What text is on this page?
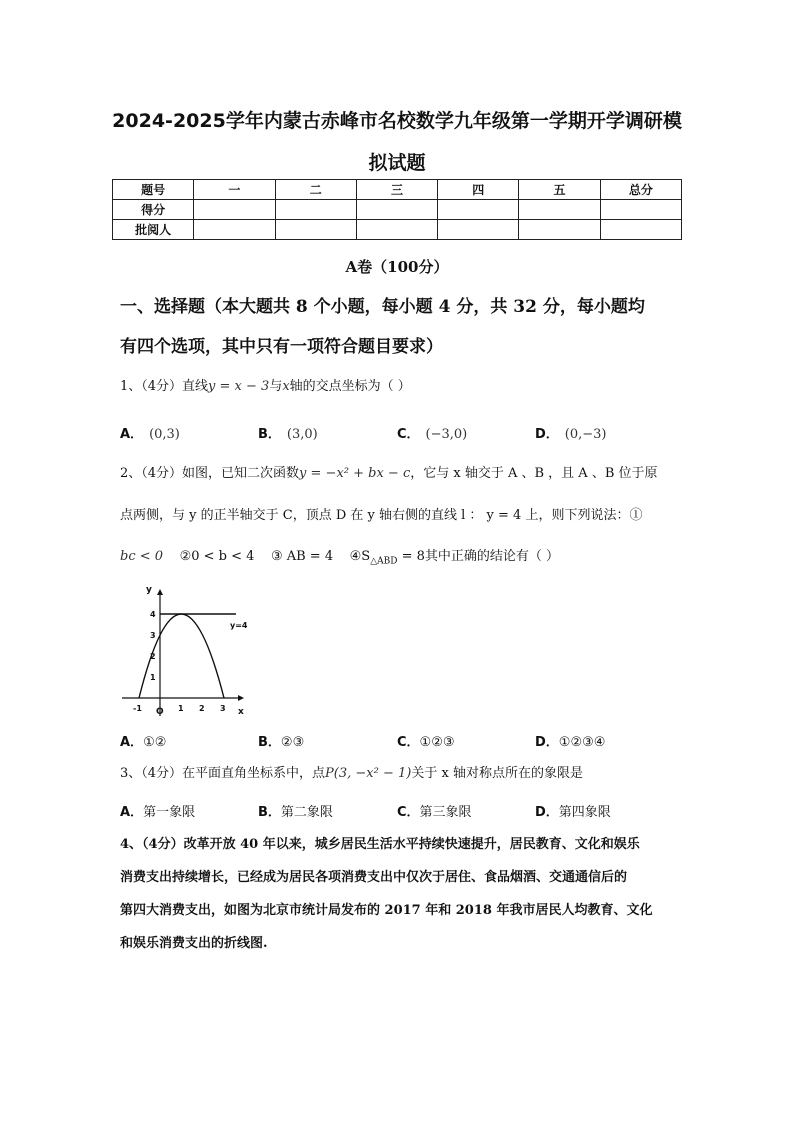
2024-2025学年内蒙古赤峰市名校数学九年级第一学期开学调研模
拟试题
题号	一	二	三	四	五	总分
得分						
批阅人						
A卷（100分）
一、选择题（本大题共 8 个小题，每小题 4 分，共 32 分，每小题均
有四个选项，其中只有一项符合题目要求）
1、（4分）直线y = x − 3与x轴的交点坐标为（ ）
A． (0,3)	B． (3,0)	C． (−3,0)	D． (0,−3)
2、（4分）如图，已知二次函数y = −x² + bx − c，它与 x 轴交于 A 、B ，且 A 、B 位于原
点两侧，与 y 的正半轴交于 C，顶点 D 在 y 轴右侧的直线 l ： y = 4 上，则下列说法：①
bc < 0 ②0 < b < 4 ③ AB = 4 $④S_{\triangle ABD} = 8$其中正确的结论有（ ）
y
x
O
y=4
4
3
2
1
-1	1 2 3
A．①②	B．②③	C．①②③	D．①②③④
3、（4分）在平面直角坐标系中，点P(3, −x² − 1)关于 x 轴对称点所在的象限是
A．第一象限	B．第二象限	C．第三象限	D．第四象限
4、（4分）改革开放 40 年以来，城乡居民生活水平持续快速提升，居民教育、文化和娱乐
消费支出持续增长，已经成为居民各项消费支出中仅次于居住、食品烟酒、交通通信后的
第四大消费支出，如图为北京市统计局发布的 2017 年和 2018 年我市居民人均教育、文化
和娱乐消费支出的折线图.
